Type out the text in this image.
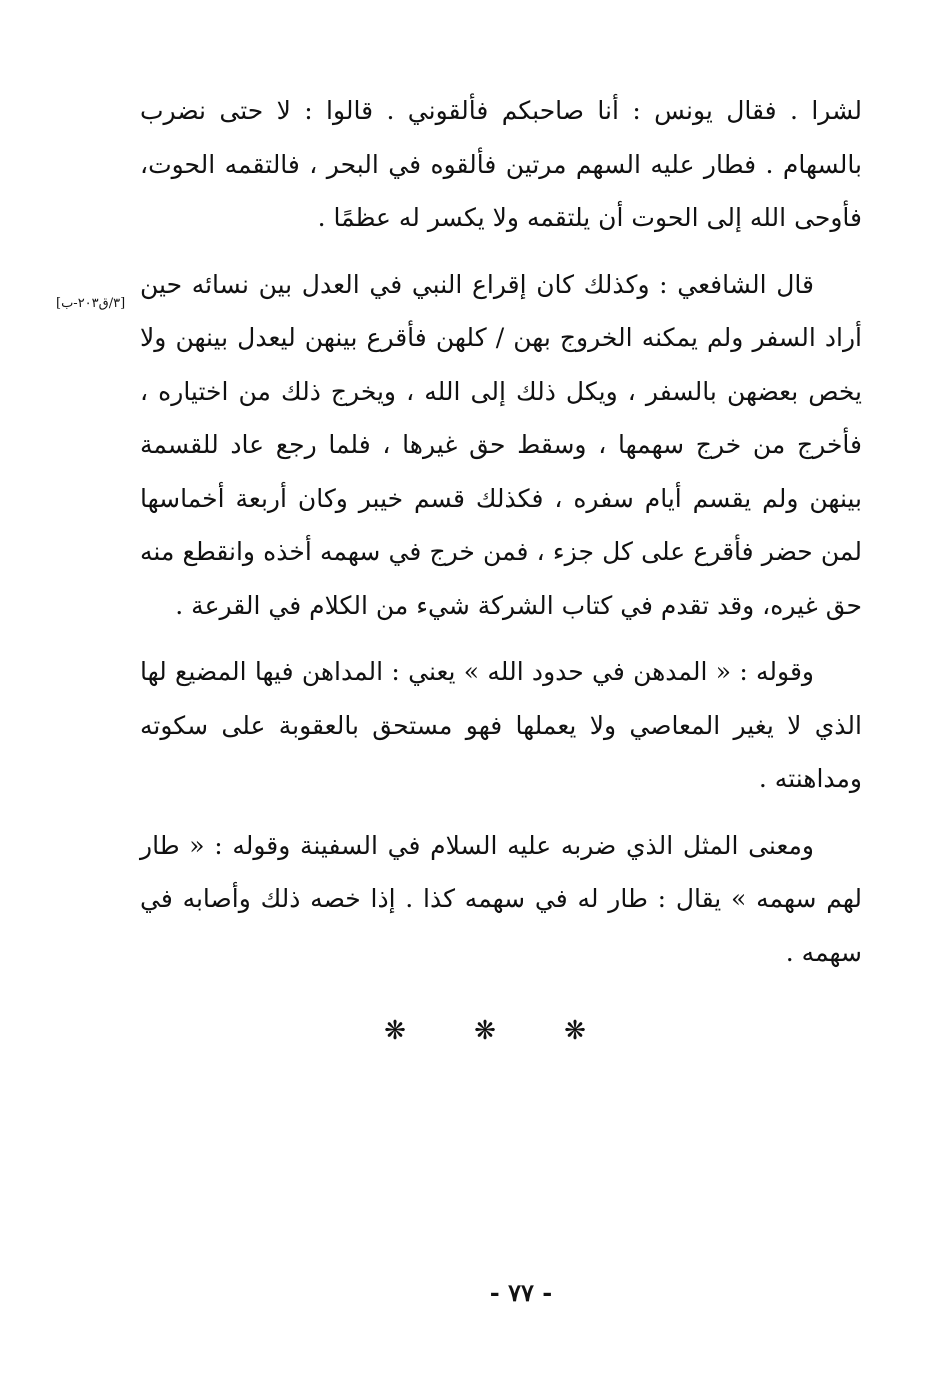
لشرا . فقال يونس : أنا صاحبكم فألقوني . قالوا : لا حتى نضرب بالسهام . فطار عليه السهم مرتين فألقوه في البحر ، فالتقمه الحوت، فأوحى الله إلى الحوت أن يلتقمه ولا يكسر له عظمًا .

قال الشافعي : وكذلك كان إقراع النبي في العدل بين نسائه حين أراد السفر ولم يمكنه الخروج بهن / كلهن فأقرع بينهن ليعدل بينهن ولا يخص بعضهن بالسفر ، ويكل ذلك إلى الله ، ويخرج ذلك من اختياره ، فأخرج من خرج سهمها ، وسقط حق غيرها ، فلما رجع عاد للقسمة بينهن ولم يقسم أيام سفره ، فكذلك قسم خيبر وكان أربعة أخماسها لمن حضر فأقرع على كل جزء ، فمن خرج في سهمه أخذه وانقطع منه حق غيره، وقد تقدم في كتاب الشركة شيء من الكلام في القرعة .

وقوله : « المدهن في حدود الله » يعني : المداهن فيها المضيع لها الذي لا يغير المعاصي ولا يعملها فهو مستحق بالعقوبة على سكوته ومداهنته .

ومعنى المثل الذي ضربه عليه السلام في السفينة وقوله : « طار لهم سهمه » يقال : طار له في سهمه كذا . إذا خصه ذلك وأصابه في سهمه .

[٣/ق٢٠٣-ب]
❋	❋	❋
- ٧٧ -
